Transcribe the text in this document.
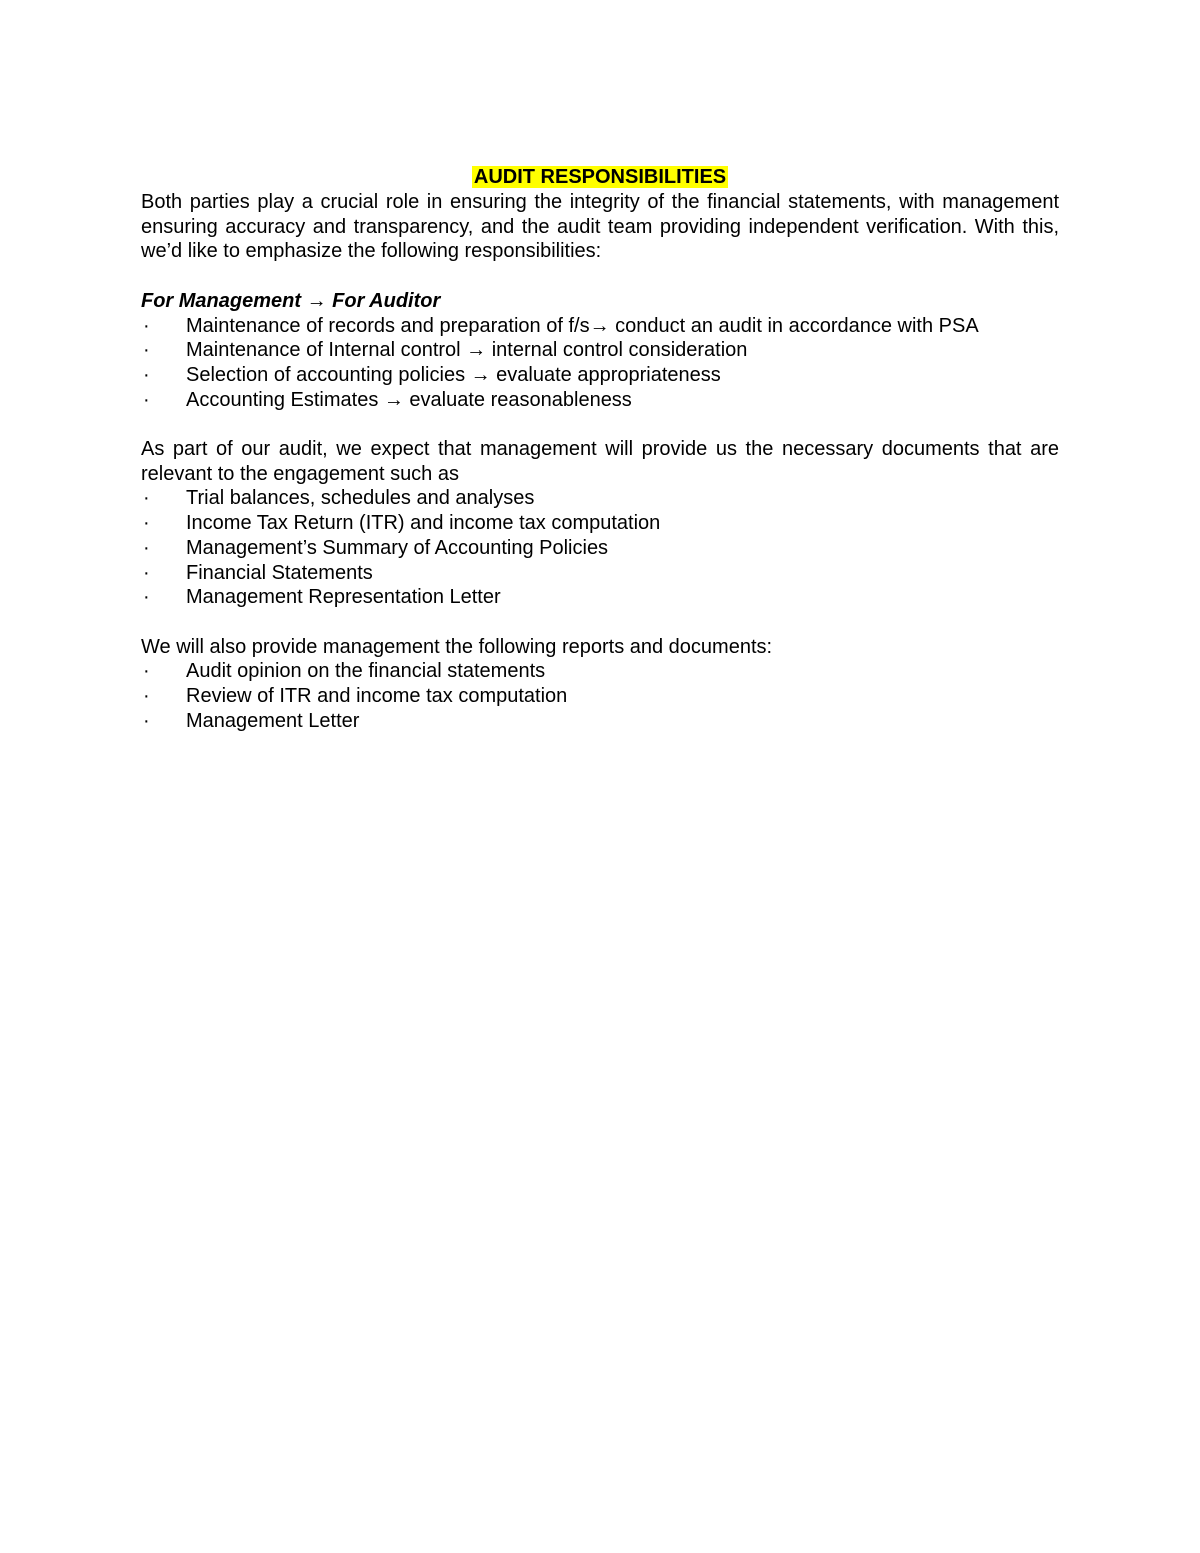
AUDIT RESPONSIBILITIES

Both parties play a crucial role in ensuring the integrity of the financial statements, with management ensuring accuracy and transparency, and the audit team providing independent verification. With this, we’d like to emphasize the following responsibilities:

For Management → For Auditor

· Maintenance of records and preparation of f/s→ conduct an audit in accordance with PSA
· Maintenance of Internal control → internal control consideration
· Selection of accounting policies → evaluate appropriateness
· Accounting Estimates → evaluate reasonableness

As part of our audit, we expect that management will provide us the necessary documents that are relevant to the engagement such as

· Trial balances, schedules and analyses
· Income Tax Return (ITR) and income tax computation
· Management’s Summary of Accounting Policies
· Financial Statements
· Management Representation Letter

We will also provide management the following reports and documents:

· Audit opinion on the financial statements
· Review of ITR and income tax computation
· Management Letter
